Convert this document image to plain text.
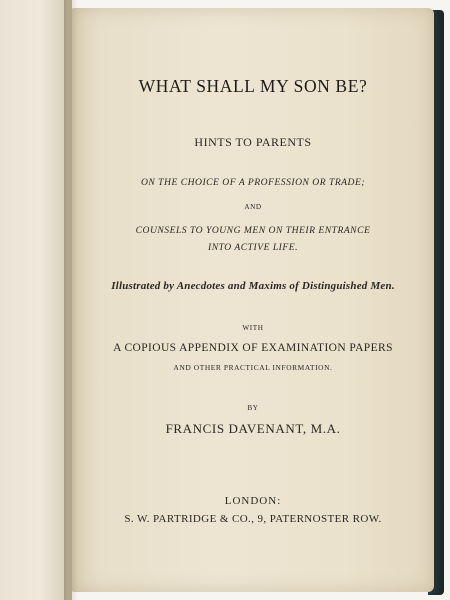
WHAT SHALL MY SON BE?

HINTS TO PARENTS

ON THE CHOICE OF A PROFESSION OR TRADE;

AND

COUNSELS TO YOUNG MEN ON THEIR ENTRANCE

INTO ACTIVE LIFE.

Illustrated by Anecdotes and Maxims of Distinguished Men.

WITH

A COPIOUS APPENDIX OF EXAMINATION PAPERS

AND OTHER PRACTICAL INFORMATION.

BY

FRANCIS DAVENANT, M.A.

LONDON:

S. W. PARTRIDGE & CO., 9, PATERNOSTER ROW.
